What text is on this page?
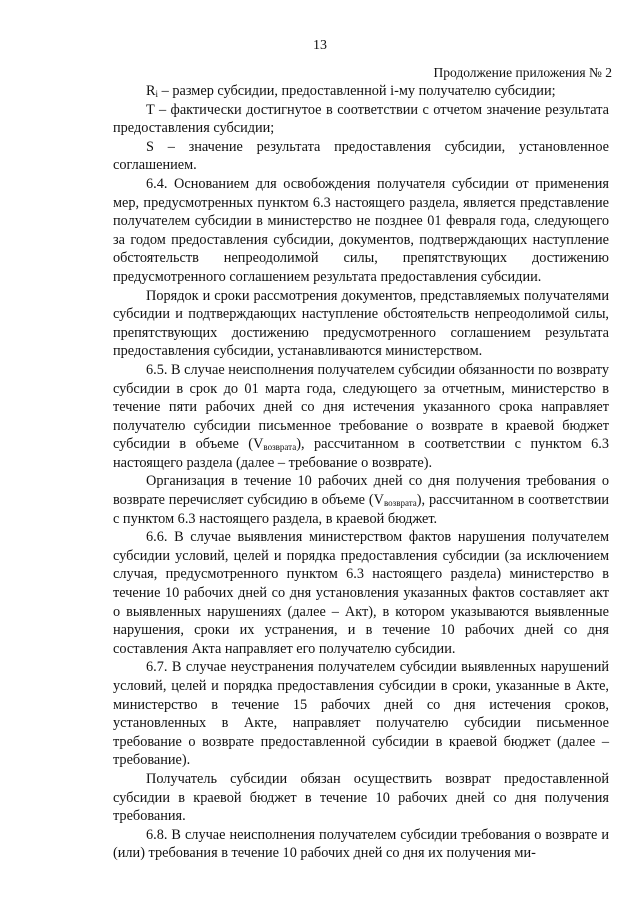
13
Продолжение приложения № 2

$R_i$ – размер субсидии, предоставленной i-му получателю субсидии;

T – фактически достигнутое в соответствии с отчетом значение результата предоставления субсидии;

S – значение результата предоставления субсидии, установленное соглашением.

6.4. Основанием для освобождения получателя субсидии от применения мер, предусмотренных пунктом 6.3 настоящего раздела, является представление получателем субсидии в министерство не позднее 01 февраля года, следующего за годом предоставления субсидии, документов, подтверждающих наступление обстоятельств непреодолимой силы, препятствующих достижению предусмотренного соглашением результата предоставления субсидии.

Порядок и сроки рассмотрения документов, представляемых получателями субсидии и подтверждающих наступление обстоятельств непреодолимой силы, препятствующих достижению предусмотренного соглашением результата предоставления субсидии, устанавливаются министерством.

6.5. В случае неисполнения получателем субсидии обязанности по возврату субсидии в срок до 01 марта года, следующего за отчетным, министерство в течение пяти рабочих дней со дня истечения указанного срока направляет получателю субсидии письменное требование о возврате в краевой бюджет субсидии в объеме $(V_{возврата})$, рассчитанном в соответствии с пунктом 6.3 настоящего раздела (далее – требование о возврате).

Организация в течение 10 рабочих дней со дня получения требования о возврате перечисляет субсидию в объеме $(V_{возврата})$, рассчитанном в соответствии с пунктом 6.3 настоящего раздела, в краевой бюджет.

6.6. В случае выявления министерством фактов нарушения получателем субсидии условий, целей и порядка предоставления субсидии (за исключением случая, предусмотренного пунктом 6.3 настоящего раздела) министерство в течение 10 рабочих дней со дня установления указанных фактов составляет акт о выявленных нарушениях (далее – Акт), в котором указываются выявленные нарушения, сроки их устранения, и в течение 10 рабочих дней со дня составления Акта направляет его получателю субсидии.

6.7. В случае неустранения получателем субсидии выявленных нарушений условий, целей и порядка предоставления субсидии в сроки, указанные в Акте, министерство в течение 15 рабочих дней со дня истечения сроков, установленных в Акте, направляет получателю субсидии письменное требование о возврате предоставленной субсидии в краевой бюджет (далее – требование).

Получатель субсидии обязан осуществить возврат предоставленной субсидии в краевой бюджет в течение 10 рабочих дней со дня получения требования.

6.8. В случае неисполнения получателем субсидии требования о возврате и (или) требования в течение 10 рабочих дней со дня их получения ми-
